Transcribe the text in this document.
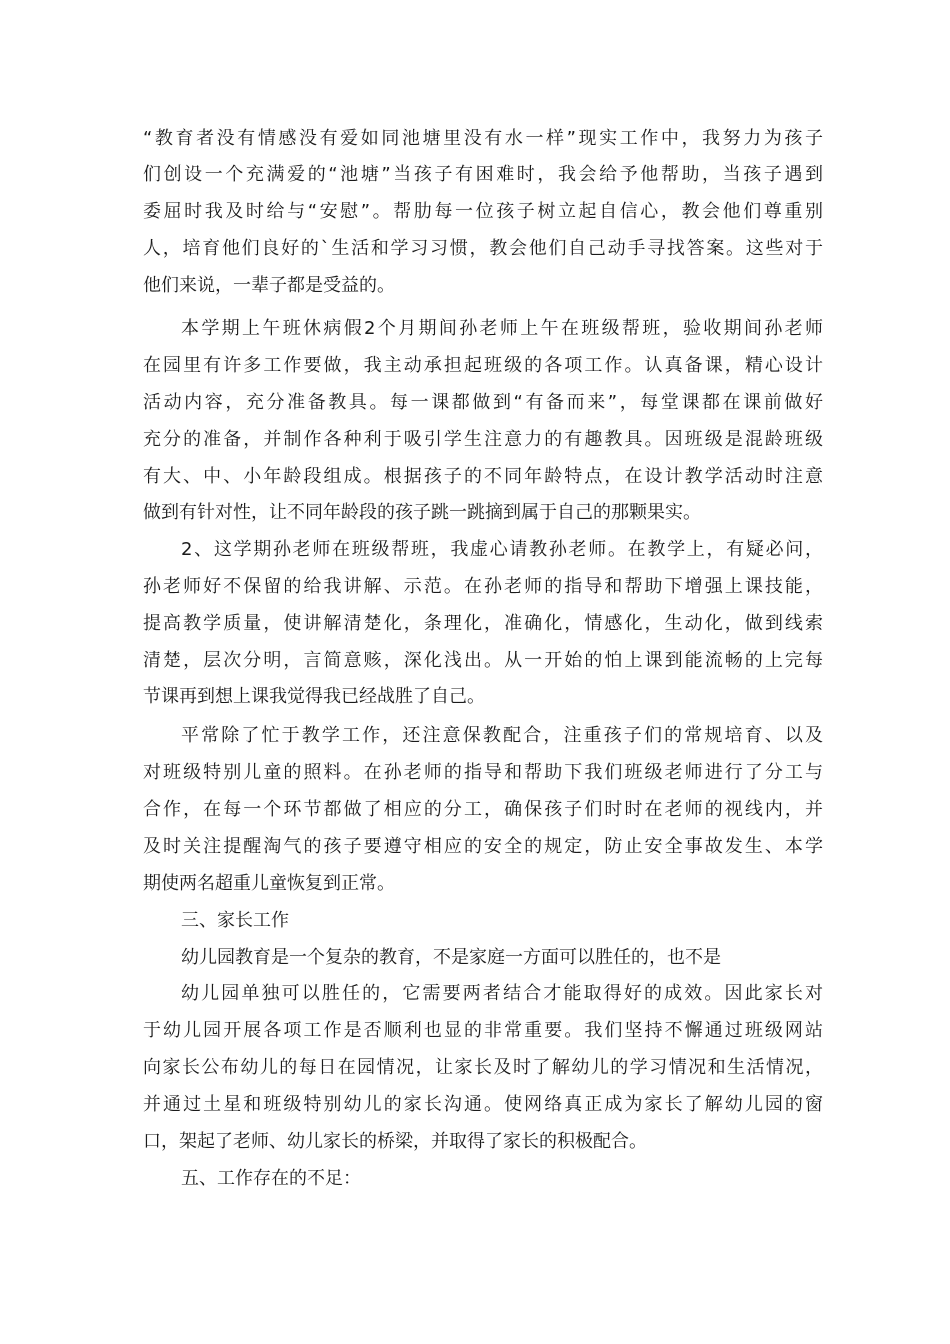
“教育者没有情感没有爱如同池塘里没有水一样”现实工作中，我努力为孩子
们创设一个充满爱的“池塘”当孩子有困难时，我会给予他帮助，当孩子遇到
委屈时我及时给与“安慰”。帮肋每一位孩子树立起自信心，教会他们尊重别
人，培育他们良好的`生活和学习习惯，教会他们自己动手寻找答案。这些对于
他们来说，一辈子都是受益的。
本学期上午班休病假2个月期间孙老师上午在班级帮班，验收期间孙老师
在园里有许多工作要做，我主动承担起班级的各项工作。认真备课，精心设计
活动内容，充分准备教具。每一课都做到“有备而来”，每堂课都在课前做好
充分的准备，并制作各种利于吸引学生注意力的有趣教具。因班级是混龄班级
有大、中、小年龄段组成。根据孩子的不同年龄特点，在设计教学活动时注意
做到有针对性，让不同年龄段的孩子跳一跳摘到属于自己的那颗果实。
2、这学期孙老师在班级帮班，我虚心请教孙老师。在教学上，有疑必问，
孙老师好不保留的给我讲解、示范。在孙老师的指导和帮助下增强上课技能，
提高教学质量，使讲解清楚化，条理化，准确化，情感化，生动化，做到线索
清楚，层次分明，言简意赅，深化浅出。从一开始的怕上课到能流畅的上完每
节课再到想上课我觉得我已经战胜了自己。
平常除了忙于教学工作，还注意保教配合，注重孩子们的常规培育、以及
对班级特别儿童的照料。在孙老师的指导和帮助下我们班级老师进行了分工与
合作，在每一个环节都做了相应的分工，确保孩子们时时在老师的视线内，并
及时关注提醒淘气的孩子要遵守相应的安全的规定，防止安全事故发生、本学
期使两名超重儿童恢复到正常。
三、家长工作
幼儿园教育是一个复杂的教育，不是家庭一方面可以胜任的，也不是
幼儿园单独可以胜任的，它需要两者结合才能取得好的成效。因此家长对
于幼儿园开展各项工作是否顺利也显的非常重要。我们坚持不懈通过班级网站
向家长公布幼儿的每日在园情况，让家长及时了解幼儿的学习情况和生活情况，
并通过土星和班级特别幼儿的家长沟通。使网络真正成为家长了解幼儿园的窗
口，架起了老师、幼儿家长的桥梁，并取得了家长的积极配合。
五、工作存在的不足：
